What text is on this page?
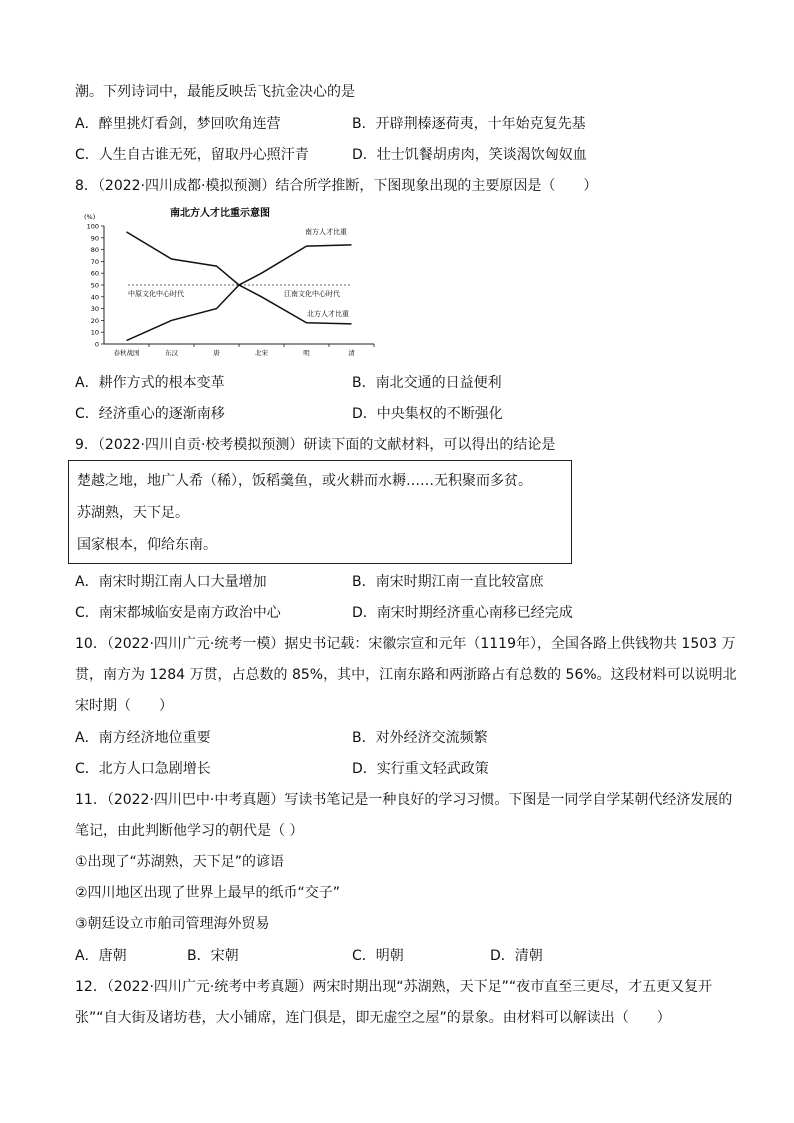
潮。下列诗词中，最能反映岳飞抗金决心的是
A．醉里挑灯看剑，梦回吹角连营	B．开辟荆榛逐荷夷，十年始克复先基
C．人生自古谁无死，留取丹心照汗青	D．壮士饥餐胡虏肉，笑谈渴饮匈奴血
8．（2022·四川成都·模拟预测）结合所学推断，下图现象出现的主要原因是（　　）
南北方人才比重示意图
(%)
0
10
20
30
40
50
60
70
80
90
100
春秋战国	东汉	唐	北宋	明	清
南方人才比重
北方人才比重
中原文化中心时代	江南文化中心时代
A．耕作方式的根本变革	B．南北交通的日益便利
C．经济重心的逐渐南移	D．中央集权的不断强化
9．（2022·四川自贡·校考模拟预测）研读下面的文献材料，可以得出的结论是
楚越之地，地广人希（稀），饭稻羹鱼，或火耕而水耨……无积聚而多贫。
苏湖熟，天下足。
国家根本，仰给东南。
A．南宋时期江南人口大量增加	B．南宋时期江南一直比较富庶
C．南宋都城临安是南方政治中心	D．南宋时期经济重心南移已经完成
10．（2022·四川广元·统考一模）据史书记载：宋徽宗宣和元年（1119年），全国各路上供钱物共 1503 万
贯，南方为 1284 万贯，占总数的 85%，其中，江南东路和两浙路占有总数的 56%。这段材料可以说明北
宋时期（　　）
A．南方经济地位重要	B．对外经济交流频繁
C．北方人口急剧增长	D．实行重文轻武政策
11．（2022·四川巴中·中考真题）写读书笔记是一种良好的学习习惯。下图是一同学自学某朝代经济发展的
笔记，由此判断他学习的朝代是（ ）
①出现了“苏湖熟，天下足”的谚语
②四川地区出现了世界上最早的纸币“交子”
③朝廷设立市舶司管理海外贸易
A．唐朝	B．宋朝	C．明朝	D．清朝
12．（2022·四川广元·统考中考真题）两宋时期出现“苏湖熟，天下足”“夜市直至三更尽，才五更又复开
张”“自大街及诸坊巷，大小铺席，连门俱是，即无虚空之屋”的景象。由材料可以解读出（　　）
